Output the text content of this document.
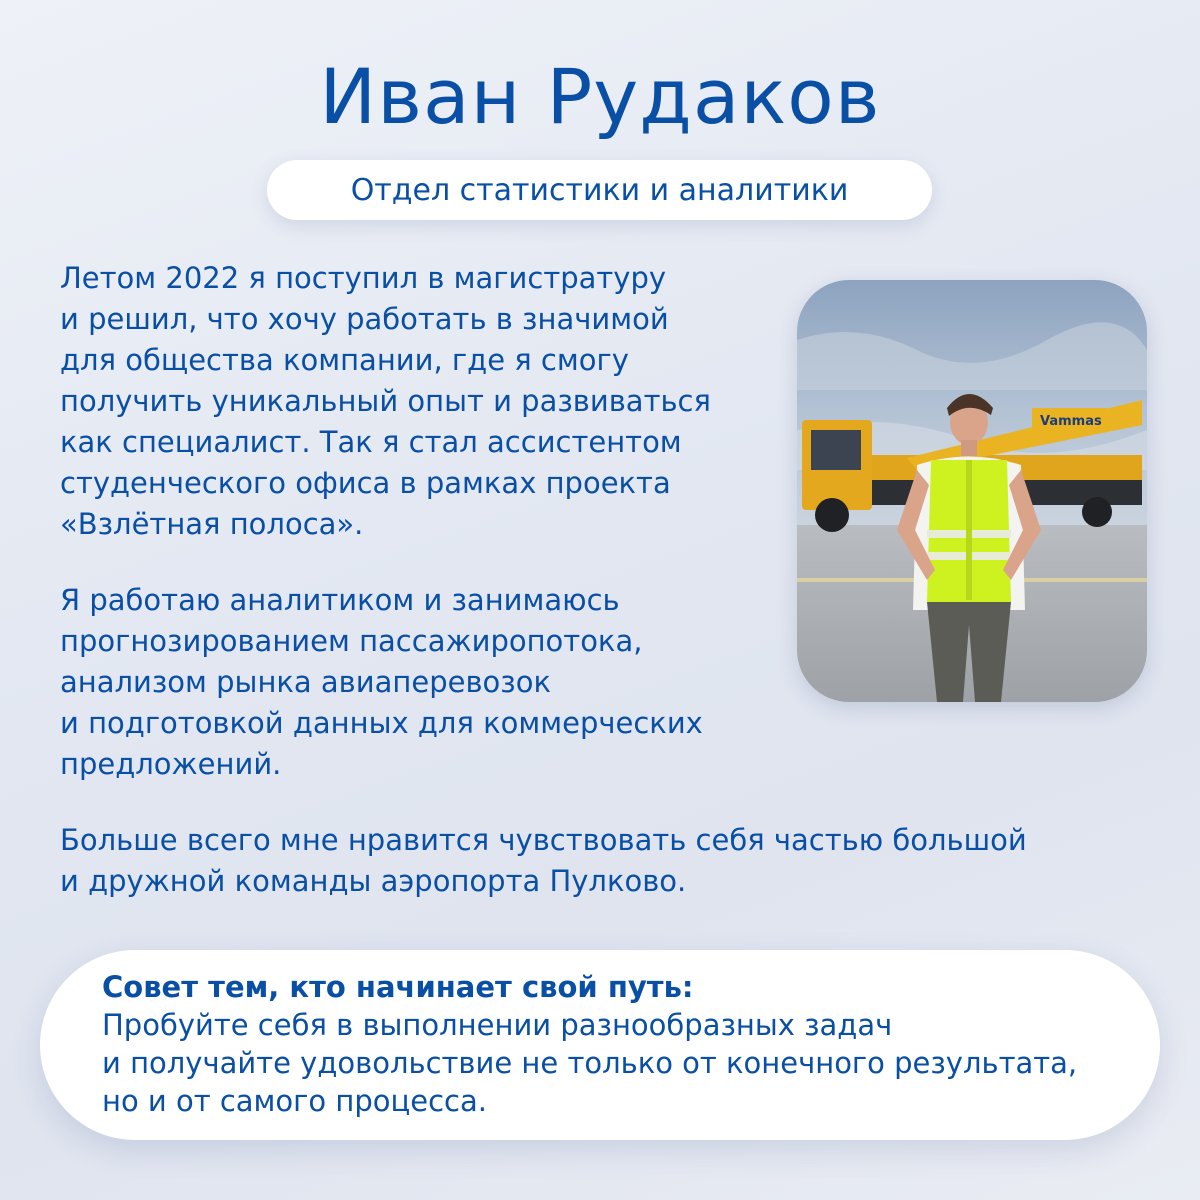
Иван Рудаков
Отдел статистики и аналитики

Летом 2022 я поступил в магистратуру
и решил, что хочу работать в значимой
для общества компании, где я смогу
получить уникальный опыт и развиваться
как специалист. Так я стал ассистентом
студенческого офиса в рамках проекта
«Взлётная полоса».

Я работаю аналитиком и занимаюсь
прогнозированием пассажиропотока,
анализом рынка авиаперевозок
и подготовкой данных для коммерческих
предложений.

Больше всего мне нравится чувствовать себя частью большой
и дружной команды аэропорта Пулково.

Vammas

Совет тем, кто начинает свой путь:
Пробуйте себя в выполнении разнообразных задач
и получайте удовольствие не только от конечного результата,
но и от самого процесса.
